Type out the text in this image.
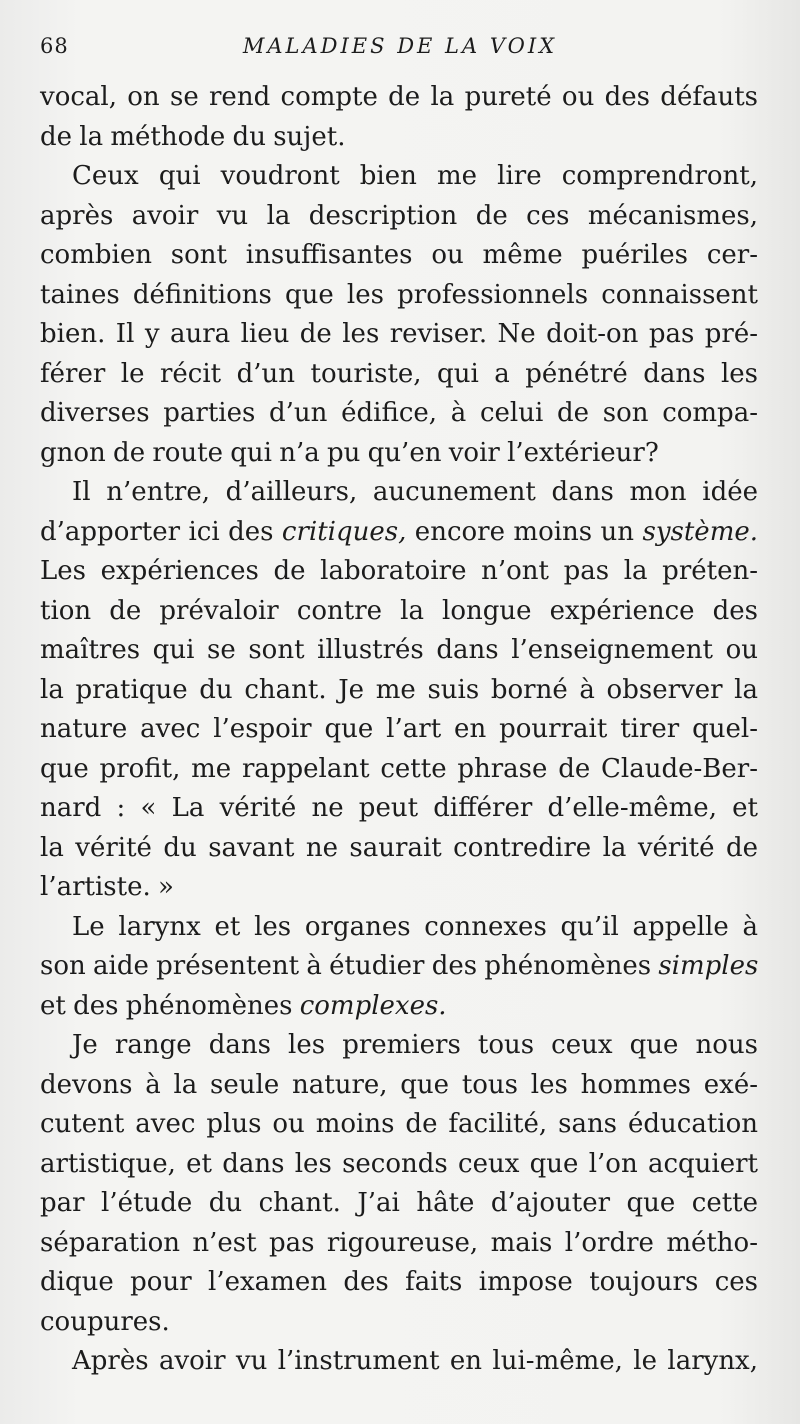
68	MALADIES DE LA VOIX
vocal, on se rend compte de la pureté ou des défauts
de la méthode du sujet.
Ceux qui voudront bien me lire comprendront,
après avoir vu la description de ces mécanismes,
combien sont insuffisantes ou même puériles cer-
taines définitions que les professionnels connaissent
bien. Il y aura lieu de les reviser. Ne doit-on pas pré-
férer le récit d’un touriste, qui a pénétré dans les
diverses parties d’un édifice, à celui de son compa-
gnon de route qui n’a pu qu’en voir l’extérieur?
Il n’entre, d’ailleurs, aucunement dans mon idée
d’apporter ici des critiques, encore moins un système.
Les expériences de laboratoire n’ont pas la préten-
tion de prévaloir contre la longue expérience des
maîtres qui se sont illustrés dans l’enseignement ou
la pratique du chant. Je me suis borné à observer la
nature avec l’espoir que l’art en pourrait tirer quel-
que profit, me rappelant cette phrase de Claude-Ber-
nard : « La vérité ne peut différer d’elle-même, et
la vérité du savant ne saurait contredire la vérité de
l’artiste. »
Le larynx et les organes connexes qu’il appelle à
son aide présentent à étudier des phénomènes simples
et des phénomènes complexes.
Je range dans les premiers tous ceux que nous
devons à la seule nature, que tous les hommes exé-
cutent avec plus ou moins de facilité, sans éducation
artistique, et dans les seconds ceux que l’on acquiert
par l’étude du chant. J’ai hâte d’ajouter que cette
séparation n’est pas rigoureuse, mais l’ordre métho-
dique pour l’examen des faits impose toujours ces
coupures.
Après avoir vu l’instrument en lui-même, le larynx,
